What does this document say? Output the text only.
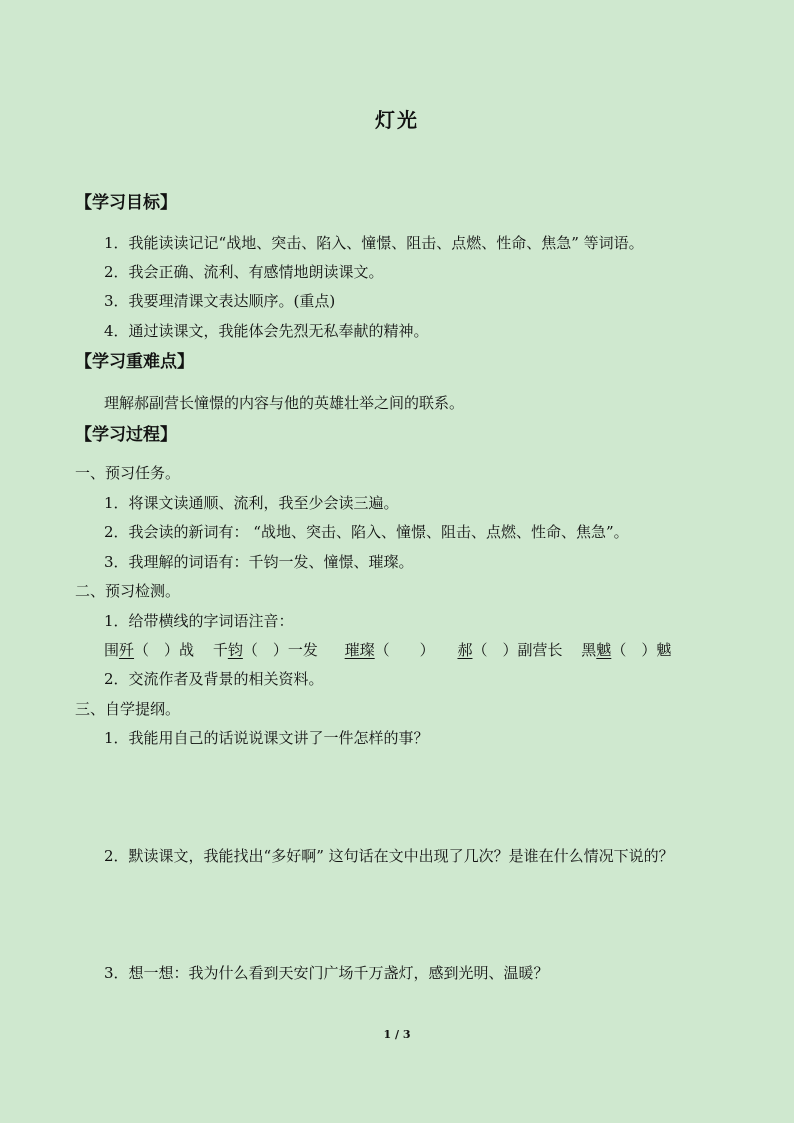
灯光
【学习目标】
1．我能读读记记“战地、突击、陷入、憧憬、阻击、点燃、性命、焦急” 等词语。
2．我会正确、流利、有感情地朗读课文。
3．我要理清课文表达顺序。(重点)
4．通过读课文，我能体会先烈无私奉献的精神。
【学习重难点】
理解郝副营长憧憬的内容与他的英雄壮举之间的联系。
【学习过程】
一、预习任务。
1．将课文读通顺、流利，我至少会读三遍。
2．我会读的新词有： “战地、突击、陷入、憧憬、阻击、点燃、性命、焦急”。
3．我理解的词语有：千钧一发、憧憬、璀璨。
二、预习检测。
1．给带横线的字词语注音：
围歼（　）战 千钧（　）一发 璀璨（　　） 郝（　）副营长 黑魆（　）魆
2．交流作者及背景的相关资料。
三、自学提纲。
1．我能用自己的话说说课文讲了一件怎样的事？
2．默读课文，我能找出“多好啊” 这句话在文中出现了几次？是谁在什么情况下说的？
3．想一想：我为什么看到天安门广场千万盏灯，感到光明、温暖？
1 / 3
